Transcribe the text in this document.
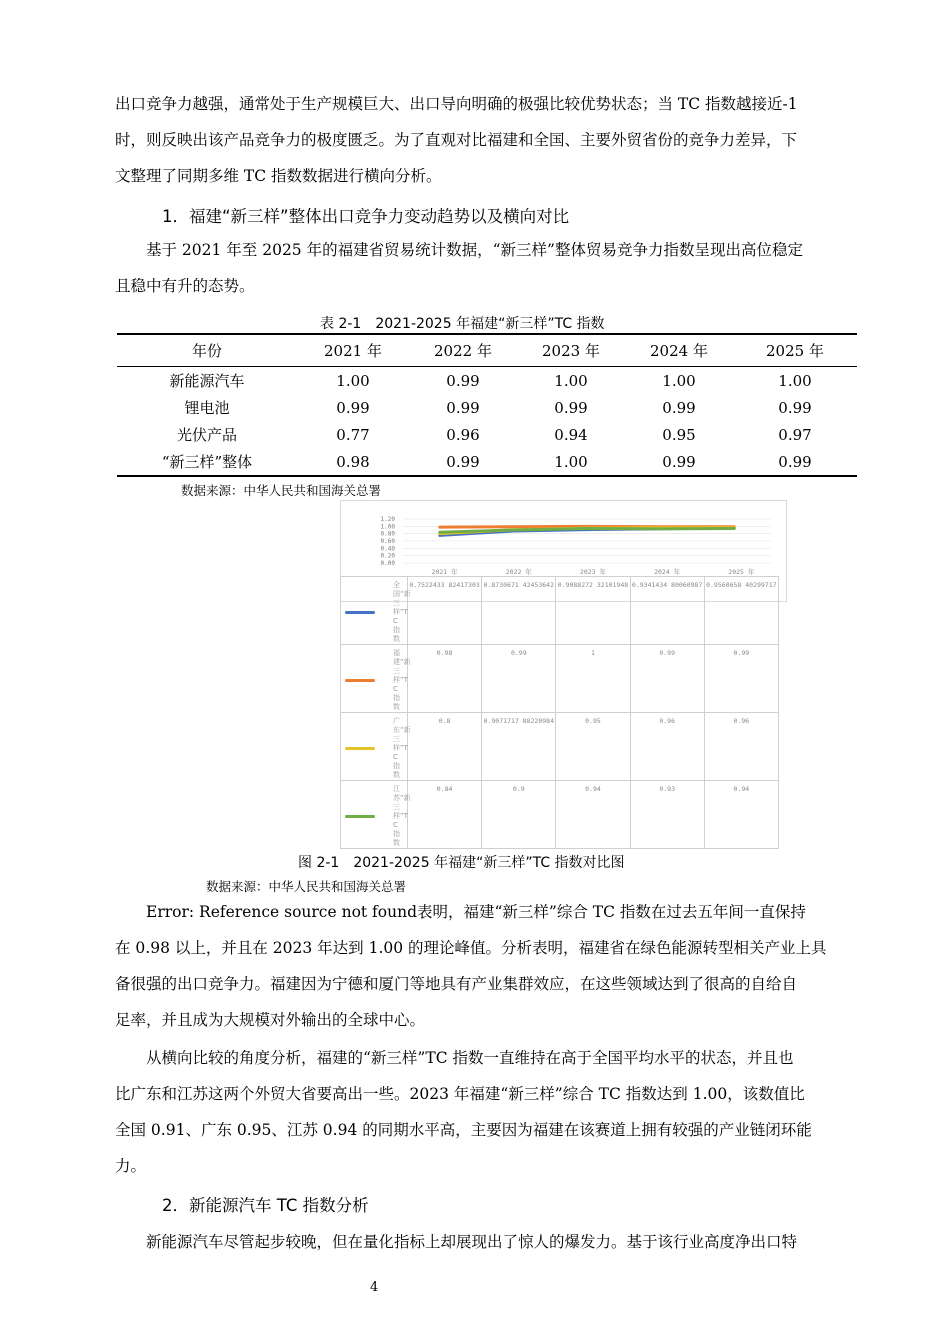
出口竞争力越强，通常处于生产规模巨大、出口导向明确的极强比较优势状态；当 TC 指数越接近-1
时，则反映出该产品竞争力的极度匮乏。为了直观对比福建和全国、主要外贸省份的竞争力差异，下
文整理了同期多维 TC 指数数据进行横向分析。
1．福建“新三样”整体出口竞争力变动趋势以及横向对比
基于 2021 年至 2025 年的福建省贸易统计数据，“新三样”整体贸易竞争力指数呈现出高位稳定
且稳中有升的态势。
表 2-1　2021-2025 年福建“新三样”TC 指数
年份	2021 年	2022 年	2023 年	2024 年	2025 年
新能源汽车	1.00	0.99	1.00	1.00	1.00
锂电池	0.99	0.99	0.99	0.99	0.99
光伏产品	0.77	0.96	0.94	0.95	0.97
“新三样”整体	0.98	0.99	1.00	0.99	0.99
数据来源：中华人民共和国海关总署
1.20
1.00
0.80
0.60
0.40
0.20
0.00
	2021 年	2022 年	2023 年	2024 年	2025 年

全国“新三样”TC指数	0.7522433 82417303	0.8730671 42453642	0.9088272 32101948	0.9341434 80060987	0.9560658 40299717

福建“新三样”TC指数	0.98	0.99	1	0.99	0.99

广东“新三样”TC指数	0.8	0.9071717 88220984	0.95	0.96	0.96

江苏“新三样”TC指数	0.84	0.9	0.94	0.93	0.94
图 2-1　2021-2025 年福建“新三样”TC 指数对比图
数据来源：中华人民共和国海关总署
Error: Reference source not found表明，福建“新三样”综合 TC 指数在过去五年间一直保持
在 0.98 以上，并且在 2023 年达到 1.00 的理论峰值。分析表明，福建省在绿色能源转型相关产业上具
备很强的出口竞争力。福建因为宁德和厦门等地具有产业集群效应，在这些领域达到了很高的自给自
足率，并且成为大规模对外输出的全球中心。
从横向比较的角度分析，福建的“新三样”TC 指数一直维持在高于全国平均水平的状态，并且也
比广东和江苏这两个外贸大省要高出一些。2023 年福建“新三样”综合 TC 指数达到 1.00，该数值比
全国 0.91、广东 0.95、江苏 0.94 的同期水平高，主要因为福建在该赛道上拥有较强的产业链闭环能
力。
2．新能源汽车 TC 指数分析
新能源汽车尽管起步较晚，但在量化指标上却展现出了惊人的爆发力。基于该行业高度净出口特
4
